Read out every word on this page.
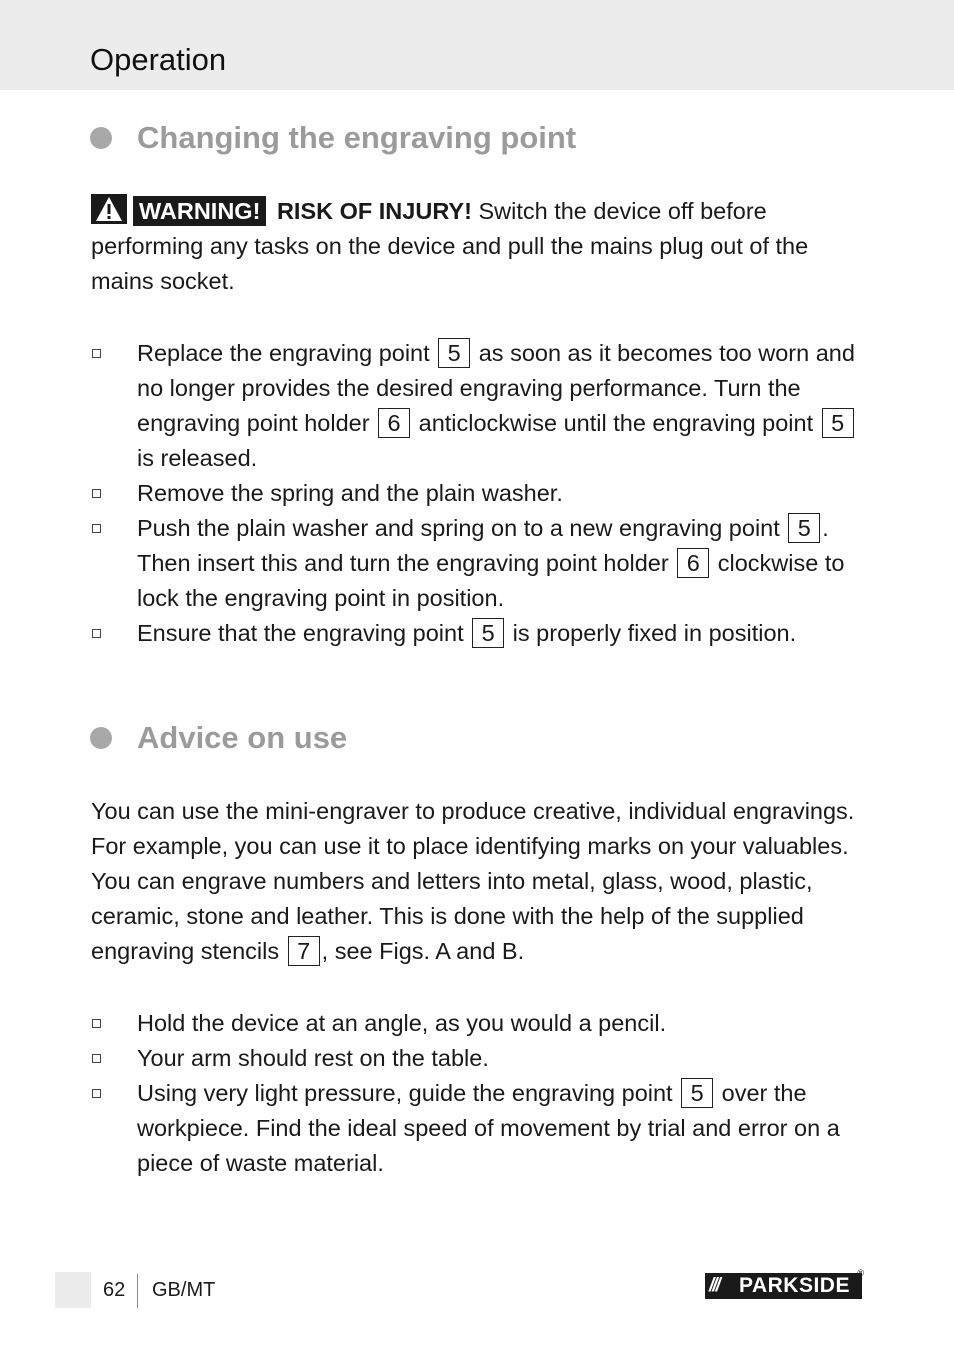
Operation
Changing the engraving point
WARNING! RISK OF INJURY! Switch the device off before performing any tasks on the device and pull the mains plug out of the mains socket.
Replace the engraving point 5 as soon as it becomes too worn and no longer provides the desired engraving performance. Turn the engraving point holder 6 anticlockwise until the engraving point 5 is released.
Remove the spring and the plain washer.
Push the plain washer and spring on to a new engraving point 5 . Then insert this and turn the engraving point holder 6 clockwise to lock the engraving point in position.
Ensure that the engraving point 5 is properly fixed in position.
Advice on use
You can use the mini-engraver to produce creative, individual engravings. For example, you can use it to place identifying marks on your valuables. You can engrave numbers and letters into metal, glass, wood, plastic, ceramic, stone and leather. This is done with the help of the supplied engraving stencils 7 , see Figs. A and B.
Hold the device at an angle, as you would a pencil.
Your arm should rest on the table.
Using very light pressure, guide the engraving point 5 over the workpiece. Find the ideal speed of movement by trial and error on a piece of waste material.
62 GB/MT	/// PARKSIDE
®
